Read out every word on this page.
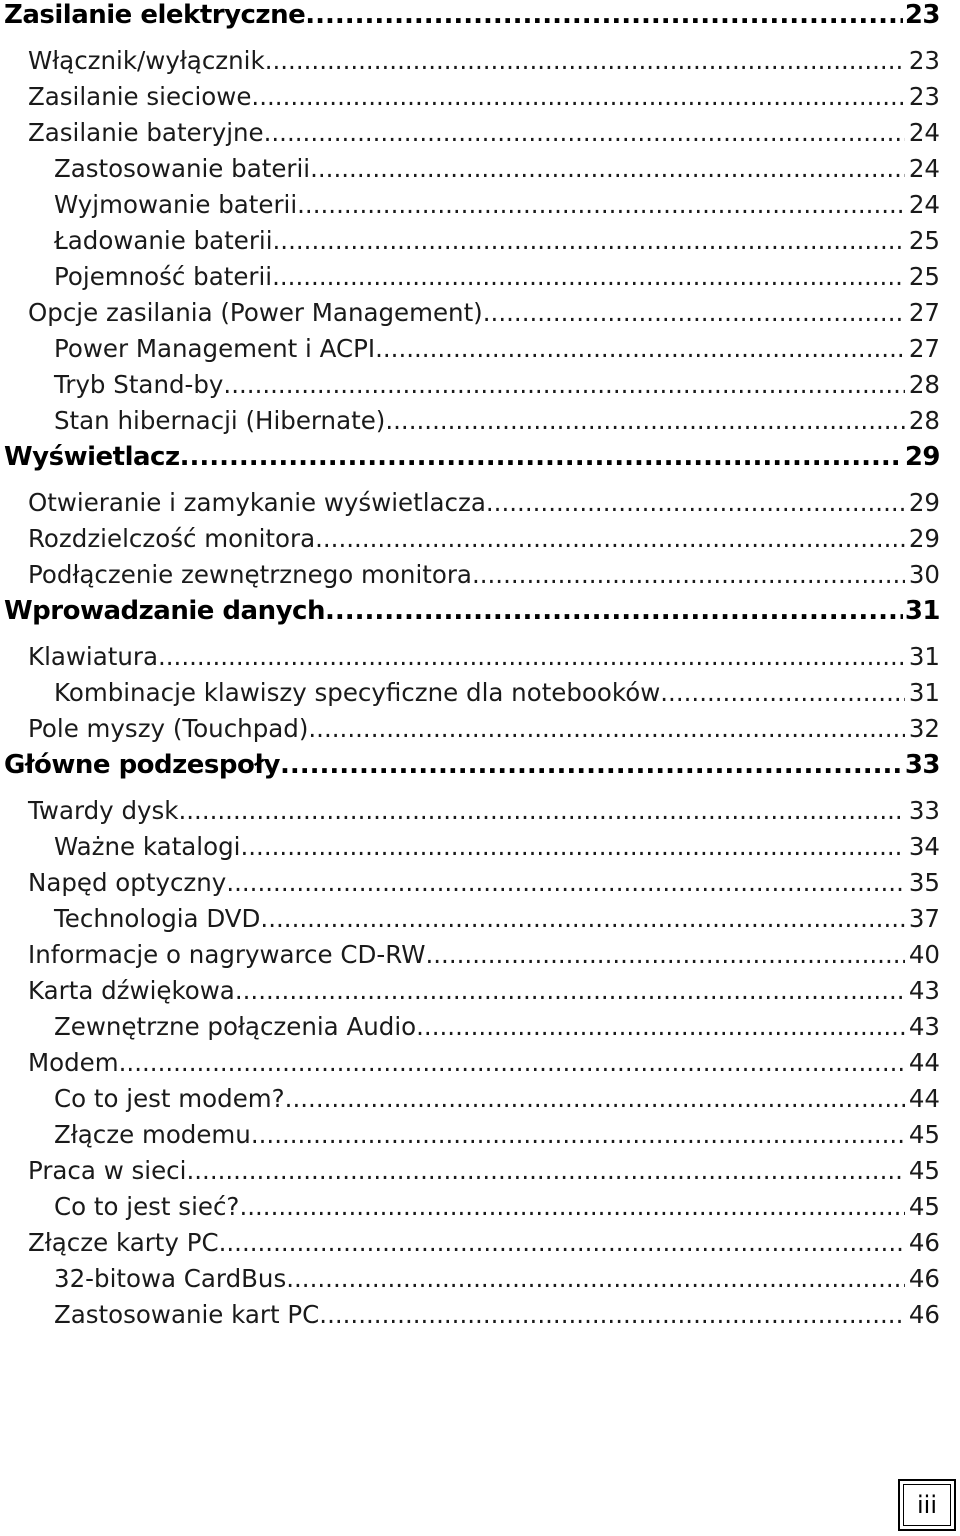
Zasilanie elektryczne .....	23
Włącznik/wyłącznik .....	23
Zasilanie sieciowe .....	23
Zasilanie bateryjne .....	24
Zastosowanie baterii .....	24
Wyjmowanie baterii .....	24
Ładowanie baterii .....	25
Pojemność baterii .....	25
Opcje zasilania (Power Management) .....	27
Power Management i ACPI .....	27
Tryb Stand-by .....	28
Stan hibernacji (Hibernate) .....	28
Wyświetlacz .....	29
Otwieranie i zamykanie wyświetlacza .....	29
Rozdzielczość monitora .....	29
Podłączenie zewnętrznego monitora .....	30
Wprowadzanie danych .....	31
Klawiatura .....	31
Kombinacje klawiszy specyficzne dla notebooków .....	31
Pole myszy (Touchpad) .....	32
Główne podzespoły .....	33
Twardy dysk .....	33
Ważne katalogi .....	34
Napęd optyczny .....	35
Technologia DVD .....	37
Informacje o nagrywarce CD-RW .....	40
Karta dźwiękowa .....	43
Zewnętrzne połączenia Audio .....	43
Modem .....	44
Co to jest modem? .....	44
Złącze modemu .....	45
Praca w sieci .....	45
Co to jest sieć? .....	45
Złącze karty PC .....	46
32-bitowa CardBus .....	46
Zastosowanie kart PC .....	46
iii
